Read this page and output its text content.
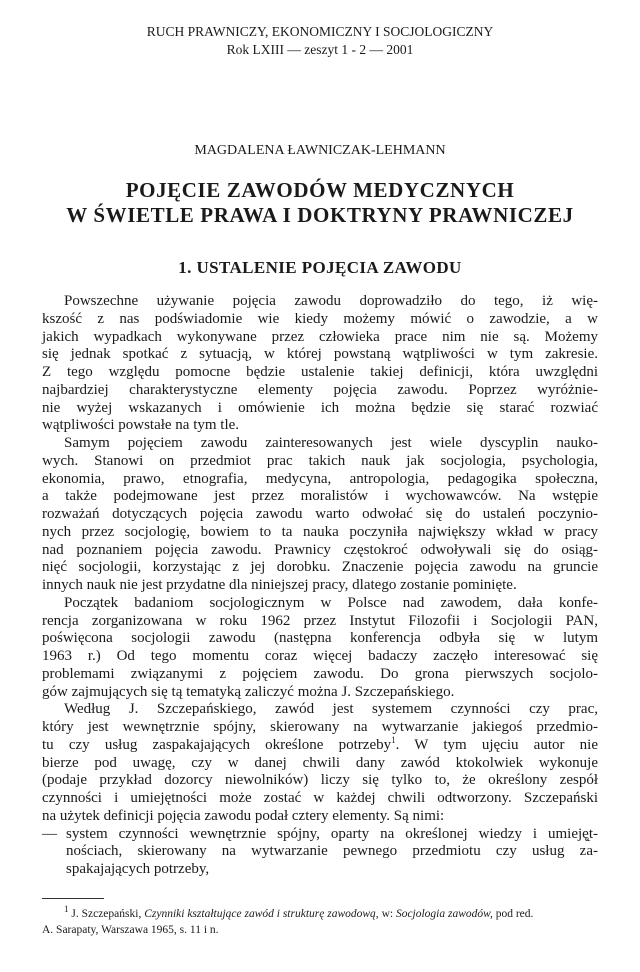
RUCH PRAWNICZY, EKONOMICZNY I SOCJOLOGICZNY
Rok LXIII — zeszyt 1 - 2 — 2001
MAGDALENA ŁAWNICZAK-LEHMANN
POJĘCIE ZAWODÓW MEDYCZNYCH
W ŚWIETLE PRAWA I DOKTRYNY PRAWNICZEJ
1. USTALENIE POJĘCIA ZAWODU
Powszechne używanie pojęcia zawodu doprowadziło do tego, iż wię-
kszość z nas podświadomie wie kiedy możemy mówić o zawodzie, a w
jakich wypadkach wykonywane przez człowieka prace nim nie są. Możemy
się jednak spotkać z sytuacją, w której powstaną wątpliwości w tym zakresie.
Z tego względu pomocne będzie ustalenie takiej definicji, która uwzględni
najbardziej charakterystyczne elementy pojęcia zawodu. Poprzez wyróżnie-
nie wyżej wskazanych i omówienie ich można będzie się starać rozwiać
wątpliwości powstałe na tym tle.
Samym pojęciem zawodu zainteresowanych jest wiele dyscyplin nauko-
wych. Stanowi on przedmiot prac takich nauk jak socjologia, psychologia,
ekonomia, prawo, etnografia, medycyna, antropologia, pedagogika społeczna,
a także podejmowane jest przez moralistów i wychowawców. Na wstępie
rozważań dotyczących pojęcia zawodu warto odwołać się do ustaleń poczynio-
nych przez socjologię, bowiem to ta nauka poczyniła największy wkład w pracy
nad poznaniem pojęcia zawodu. Prawnicy częstokroć odwoływali się do osiąg-
nięć socjologii, korzystając z jej dorobku. Znaczenie pojęcia zawodu na gruncie
innych nauk nie jest przydatne dla niniejszej pracy, dlatego zostanie pominięte.
Początek badaniom socjologicznym w Polsce nad zawodem, dała konfe-
rencja zorganizowana w roku 1962 przez Instytut Filozofii i Socjologii PAN,
poświęcona socjologii zawodu (następna konferencja odbyła się w lutym
1963 r.) Od tego momentu coraz więcej badaczy zaczęło interesować się
problemami związanymi z pojęciem zawodu. Do grona pierwszych socjolo-
gów zajmujących się tą tematyką zaliczyć można J. Szczepańskiego.
Według J. Szczepańskiego, zawód jest systemem czynności czy prac,
który jest wewnętrznie spójny, skierowany na wytwarzanie jakiegoś przedmio-
tu czy usług zaspakajających określone potrzeby$^1$. W tym ujęciu autor nie
bierze pod uwagę, czy w danej chwili dany zawód ktokolwiek wykonuje
(podaje przykład dozorcy niewolników) liczy się tylko to, że określony zespół
czynności i umiejętności może zostać w każdej chwili odtworzony. Szczepański
na użytek definicji pojęcia zawodu podał cztery elementy. Są nimi:
— system czynności wewnętrznie spójny, oparty na określonej wiedzy i umieję̨t-
nościach, skierowany na wytwarzanie pewnego przedmiotu czy usług za-
spakajających potrzeby,
$^1$ J. Szczepański, Czynniki kształtujące zawód i strukturę zawodową, w: Socjologia zawodów, pod red.
A. Sarapaty, Warszawa 1965, s. 11 i n.
